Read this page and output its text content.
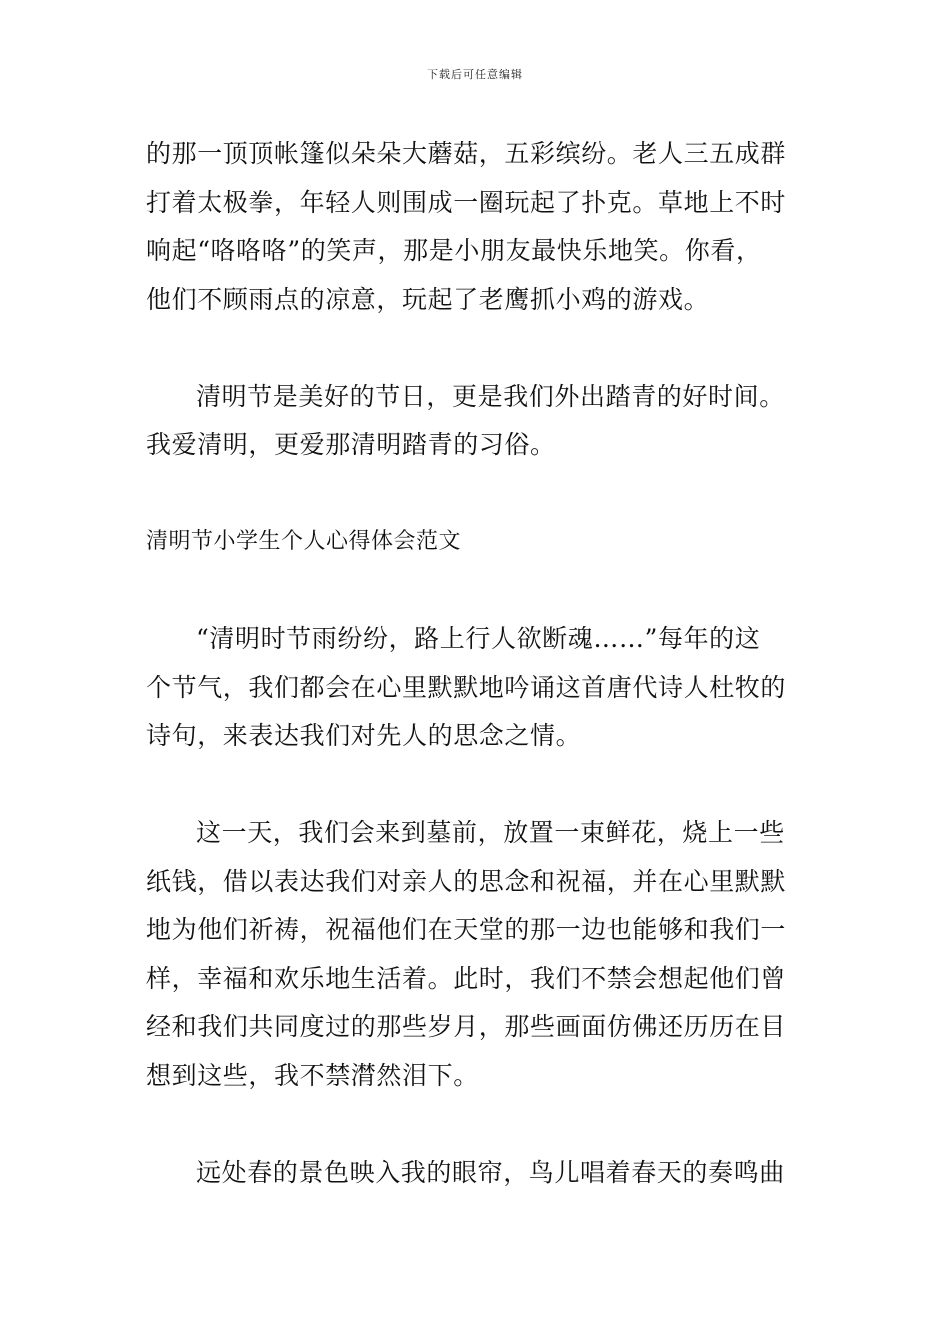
下载后可任意编辑

的那一顶顶帐篷似朵朵大蘑菇，五彩缤纷。老人三五成群
打着太极拳，年轻人则围成一圈玩起了扑克。草地上不时
响起“咯咯咯”的笑声，那是小朋友最快乐地笑。你看，
他们不顾雨点的凉意，玩起了老鹰抓小鸡的游戏。

清明节是美好的节日，更是我们外出踏青的好时间。
我爱清明，更爱那清明踏青的习俗。

清明节小学生个人心得体会范文

“清明时节雨纷纷，路上行人欲断魂……”每年的这
个节气，我们都会在心里默默地吟诵这首唐代诗人杜牧的
诗句，来表达我们对先人的思念之情。

这一天，我们会来到墓前，放置一束鲜花，烧上一些
纸钱，借以表达我们对亲人的思念和祝福，并在心里默默
地为他们祈祷，祝福他们在天堂的那一边也能够和我们一
样，幸福和欢乐地生活着。此时，我们不禁会想起他们曾
经和我们共同度过的那些岁月，那些画面仿佛还历历在目
想到这些，我不禁潸然泪下。

远处春的景色映入我的眼帘，鸟儿唱着春天的奏鸣曲
